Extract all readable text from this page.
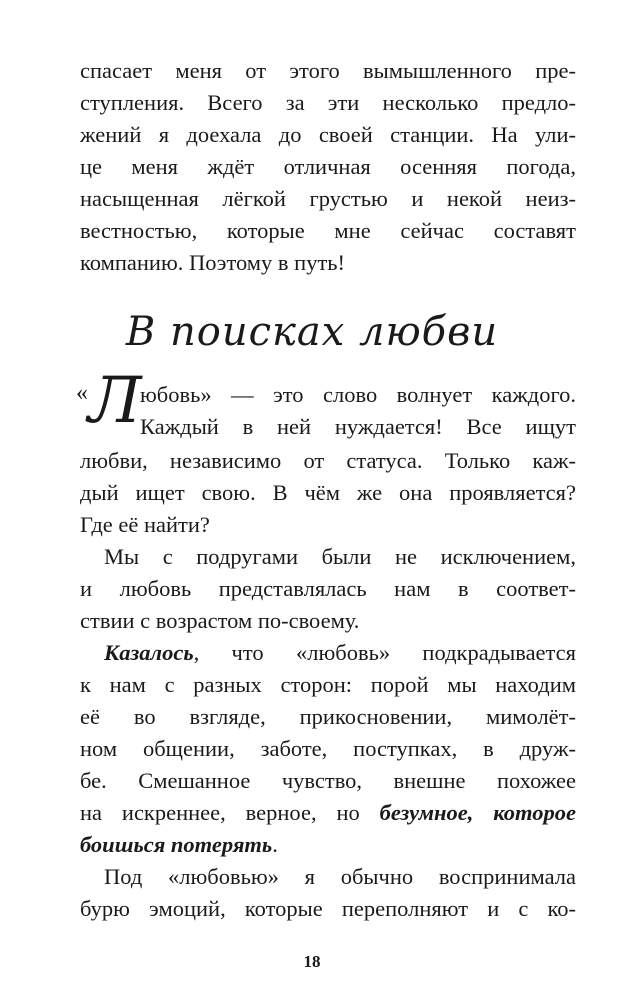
спасает меня от этого вымышленного пре-

ступления. Всего за эти несколько предло-

жений я доехала до своей станции. На ули-

це меня ждёт отличная осенняя погода,

насыщенная лёгкой грустью и некой неиз-

вестностью, которые мне сейчас составят

компанию. Поэтому в путь!

В поисках любви
« Л

юбовь» — это слово волнует каждого.

Каждый в ней нуждается! Все ищут

любви, независимо от статуса. Только каж-

дый ищет свою. В чём же она проявляется?

Где её найти?

Мы с подругами были не исключением,

и любовь представлялась нам в соответ-

ствии с возрастом по-своему.

Казалось, что «любовь» подкрадывается

к нам с разных сторон: порой мы находим

её во взгляде, прикосновении, мимолёт-

ном общении, заботе, поступках, в друж-

бе. Смешанное чувство, внешне похожее

на искреннее, верное, но безумное, которое

боишься потерять.

18

Под «любовью» я обычно воспринимала

бурю эмоций, которые переполняют и с ко-
